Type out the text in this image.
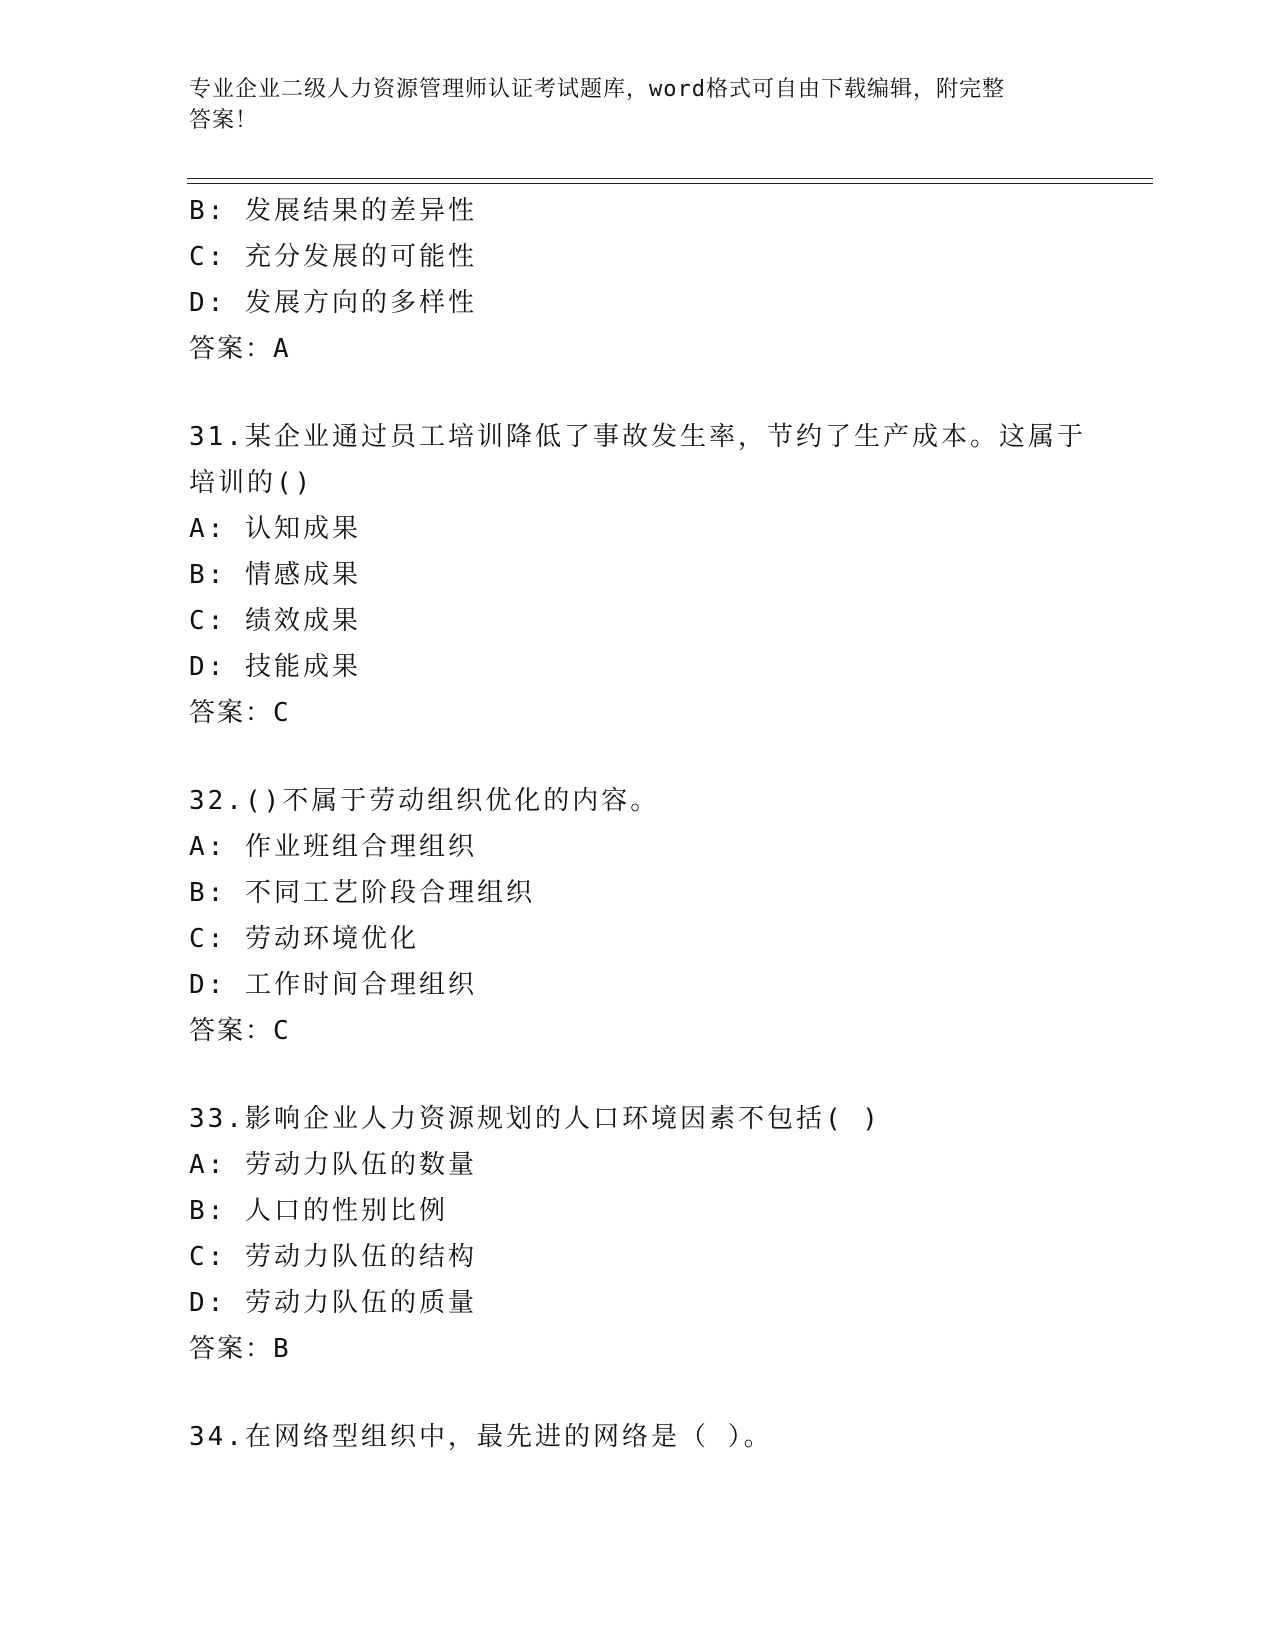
专业企业二级人力资源管理师认证考试题库，word格式可自由下载编辑，附完整
答案！
B: 发展结果的差异性
C: 充分发展的可能性
D: 发展方向的多样性
答案：A
31.某企业通过员工培训降低了事故发生率，节约了生产成本。这属于
培训的()
A: 认知成果
B: 情感成果
C: 绩效成果
D: 技能成果
答案：C
32.()不属于劳动组织优化的内容。
A: 作业班组合理组织
B: 不同工艺阶段合理组织
C: 劳动环境优化
D: 工作时间合理组织
答案：C
33.影响企业人力资源规划的人口环境因素不包括( )
A: 劳动力队伍的数量
B: 人口的性别比例
C: 劳动力队伍的结构
D: 劳动力队伍的质量
答案：B
34.在网络型组织中，最先进的网络是（ ）。
